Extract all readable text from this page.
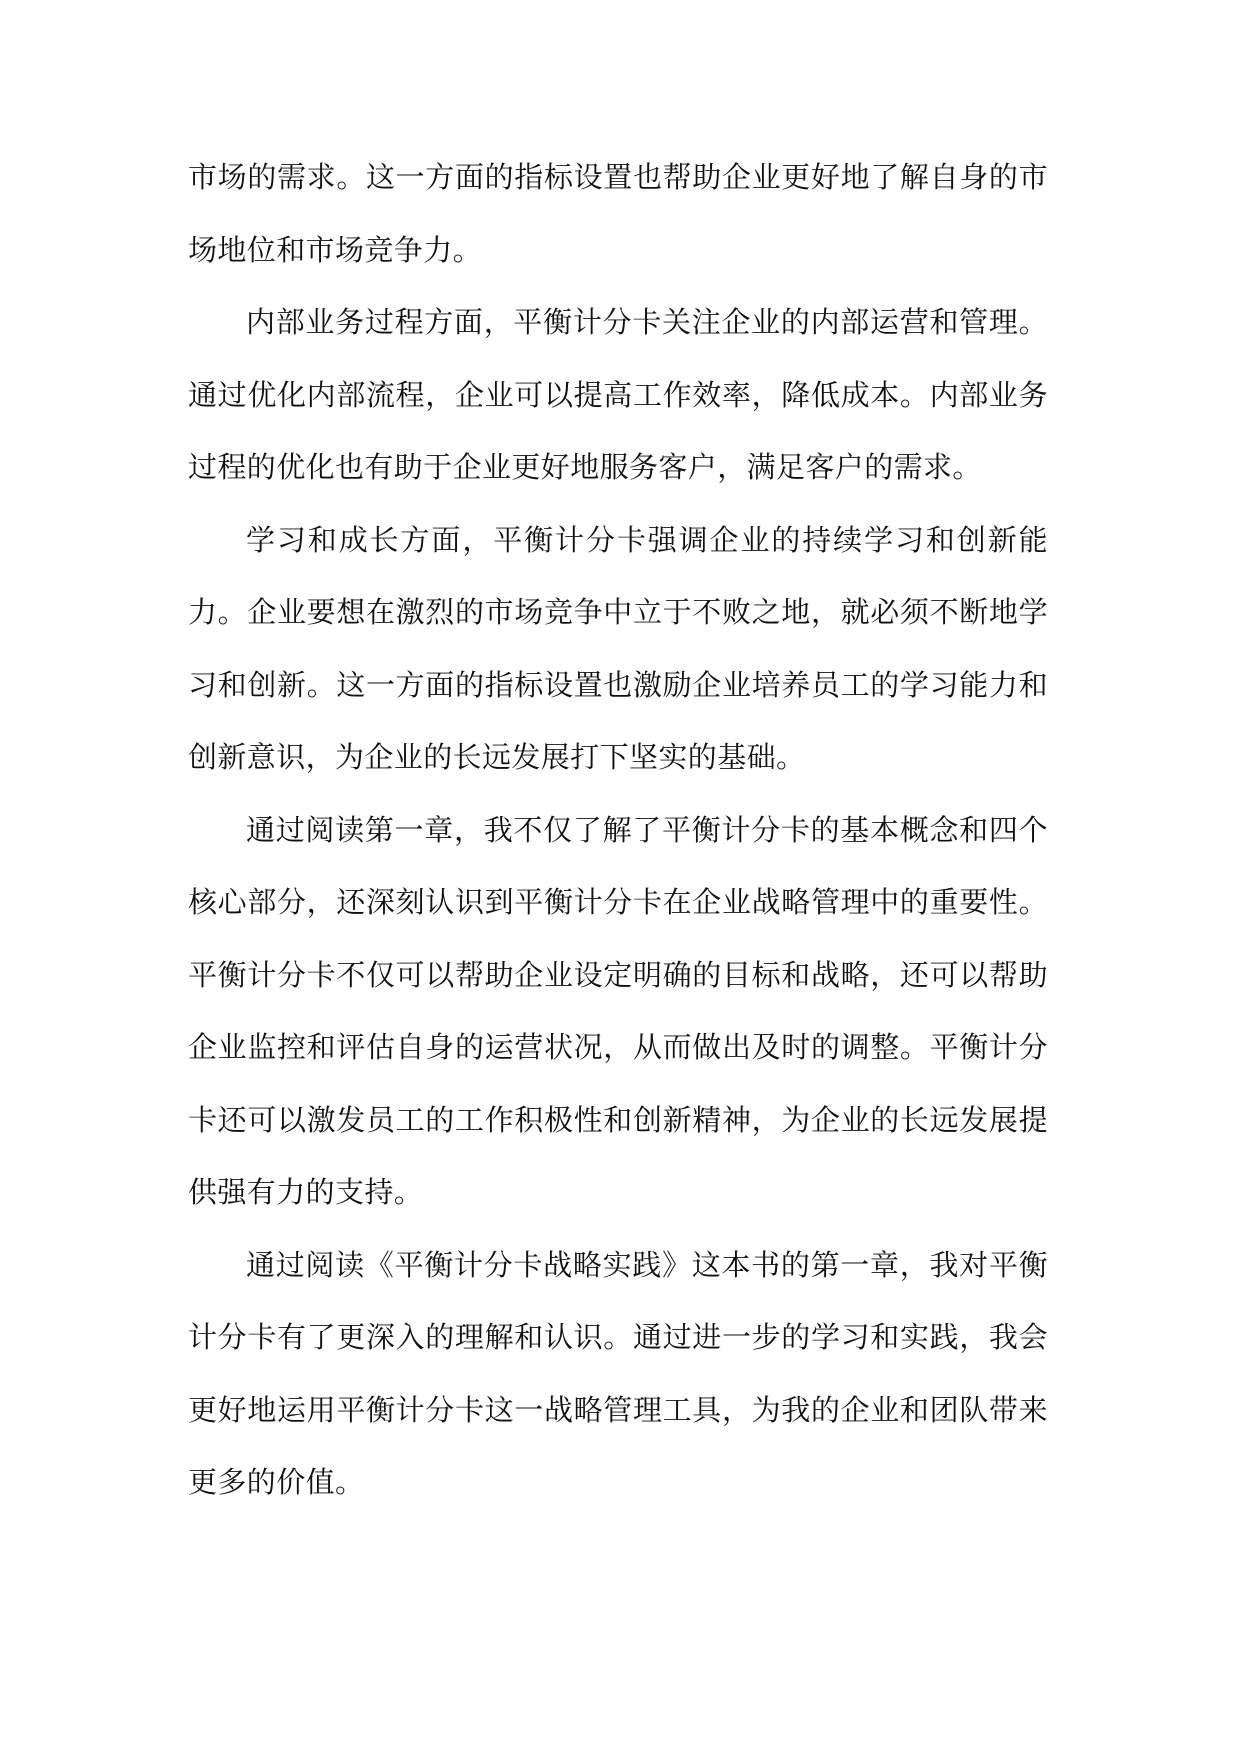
市场的需求。这一方面的指标设置也帮助企业更好地了解自身的市场地位和市场竞争力。

内部业务过程方面，平衡计分卡关注企业的内部运营和管理。通过优化内部流程，企业可以提高工作效率，降低成本。内部业务过程的优化也有助于企业更好地服务客户，满足客户的需求。

学习和成长方面，平衡计分卡强调企业的持续学习和创新能力。企业要想在激烈的市场竞争中立于不败之地，就必须不断地学习和创新。这一方面的指标设置也激励企业培养员工的学习能力和创新意识，为企业的长远发展打下坚实的基础。

通过阅读第一章，我不仅了解了平衡计分卡的基本概念和四个核心部分，还深刻认识到平衡计分卡在企业战略管理中的重要性。平衡计分卡不仅可以帮助企业设定明确的目标和战略，还可以帮助企业监控和评估自身的运营状况，从而做出及时的调整。平衡计分卡还可以激发员工的工作积极性和创新精神，为企业的长远发展提供强有力的支持。

通过阅读《平衡计分卡战略实践》这本书的第一章，我对平衡计分卡有了更深入的理解和认识。通过进一步的学习和实践，我会更好地运用平衡计分卡这一战略管理工具，为我的企业和团队带来更多的价值。
